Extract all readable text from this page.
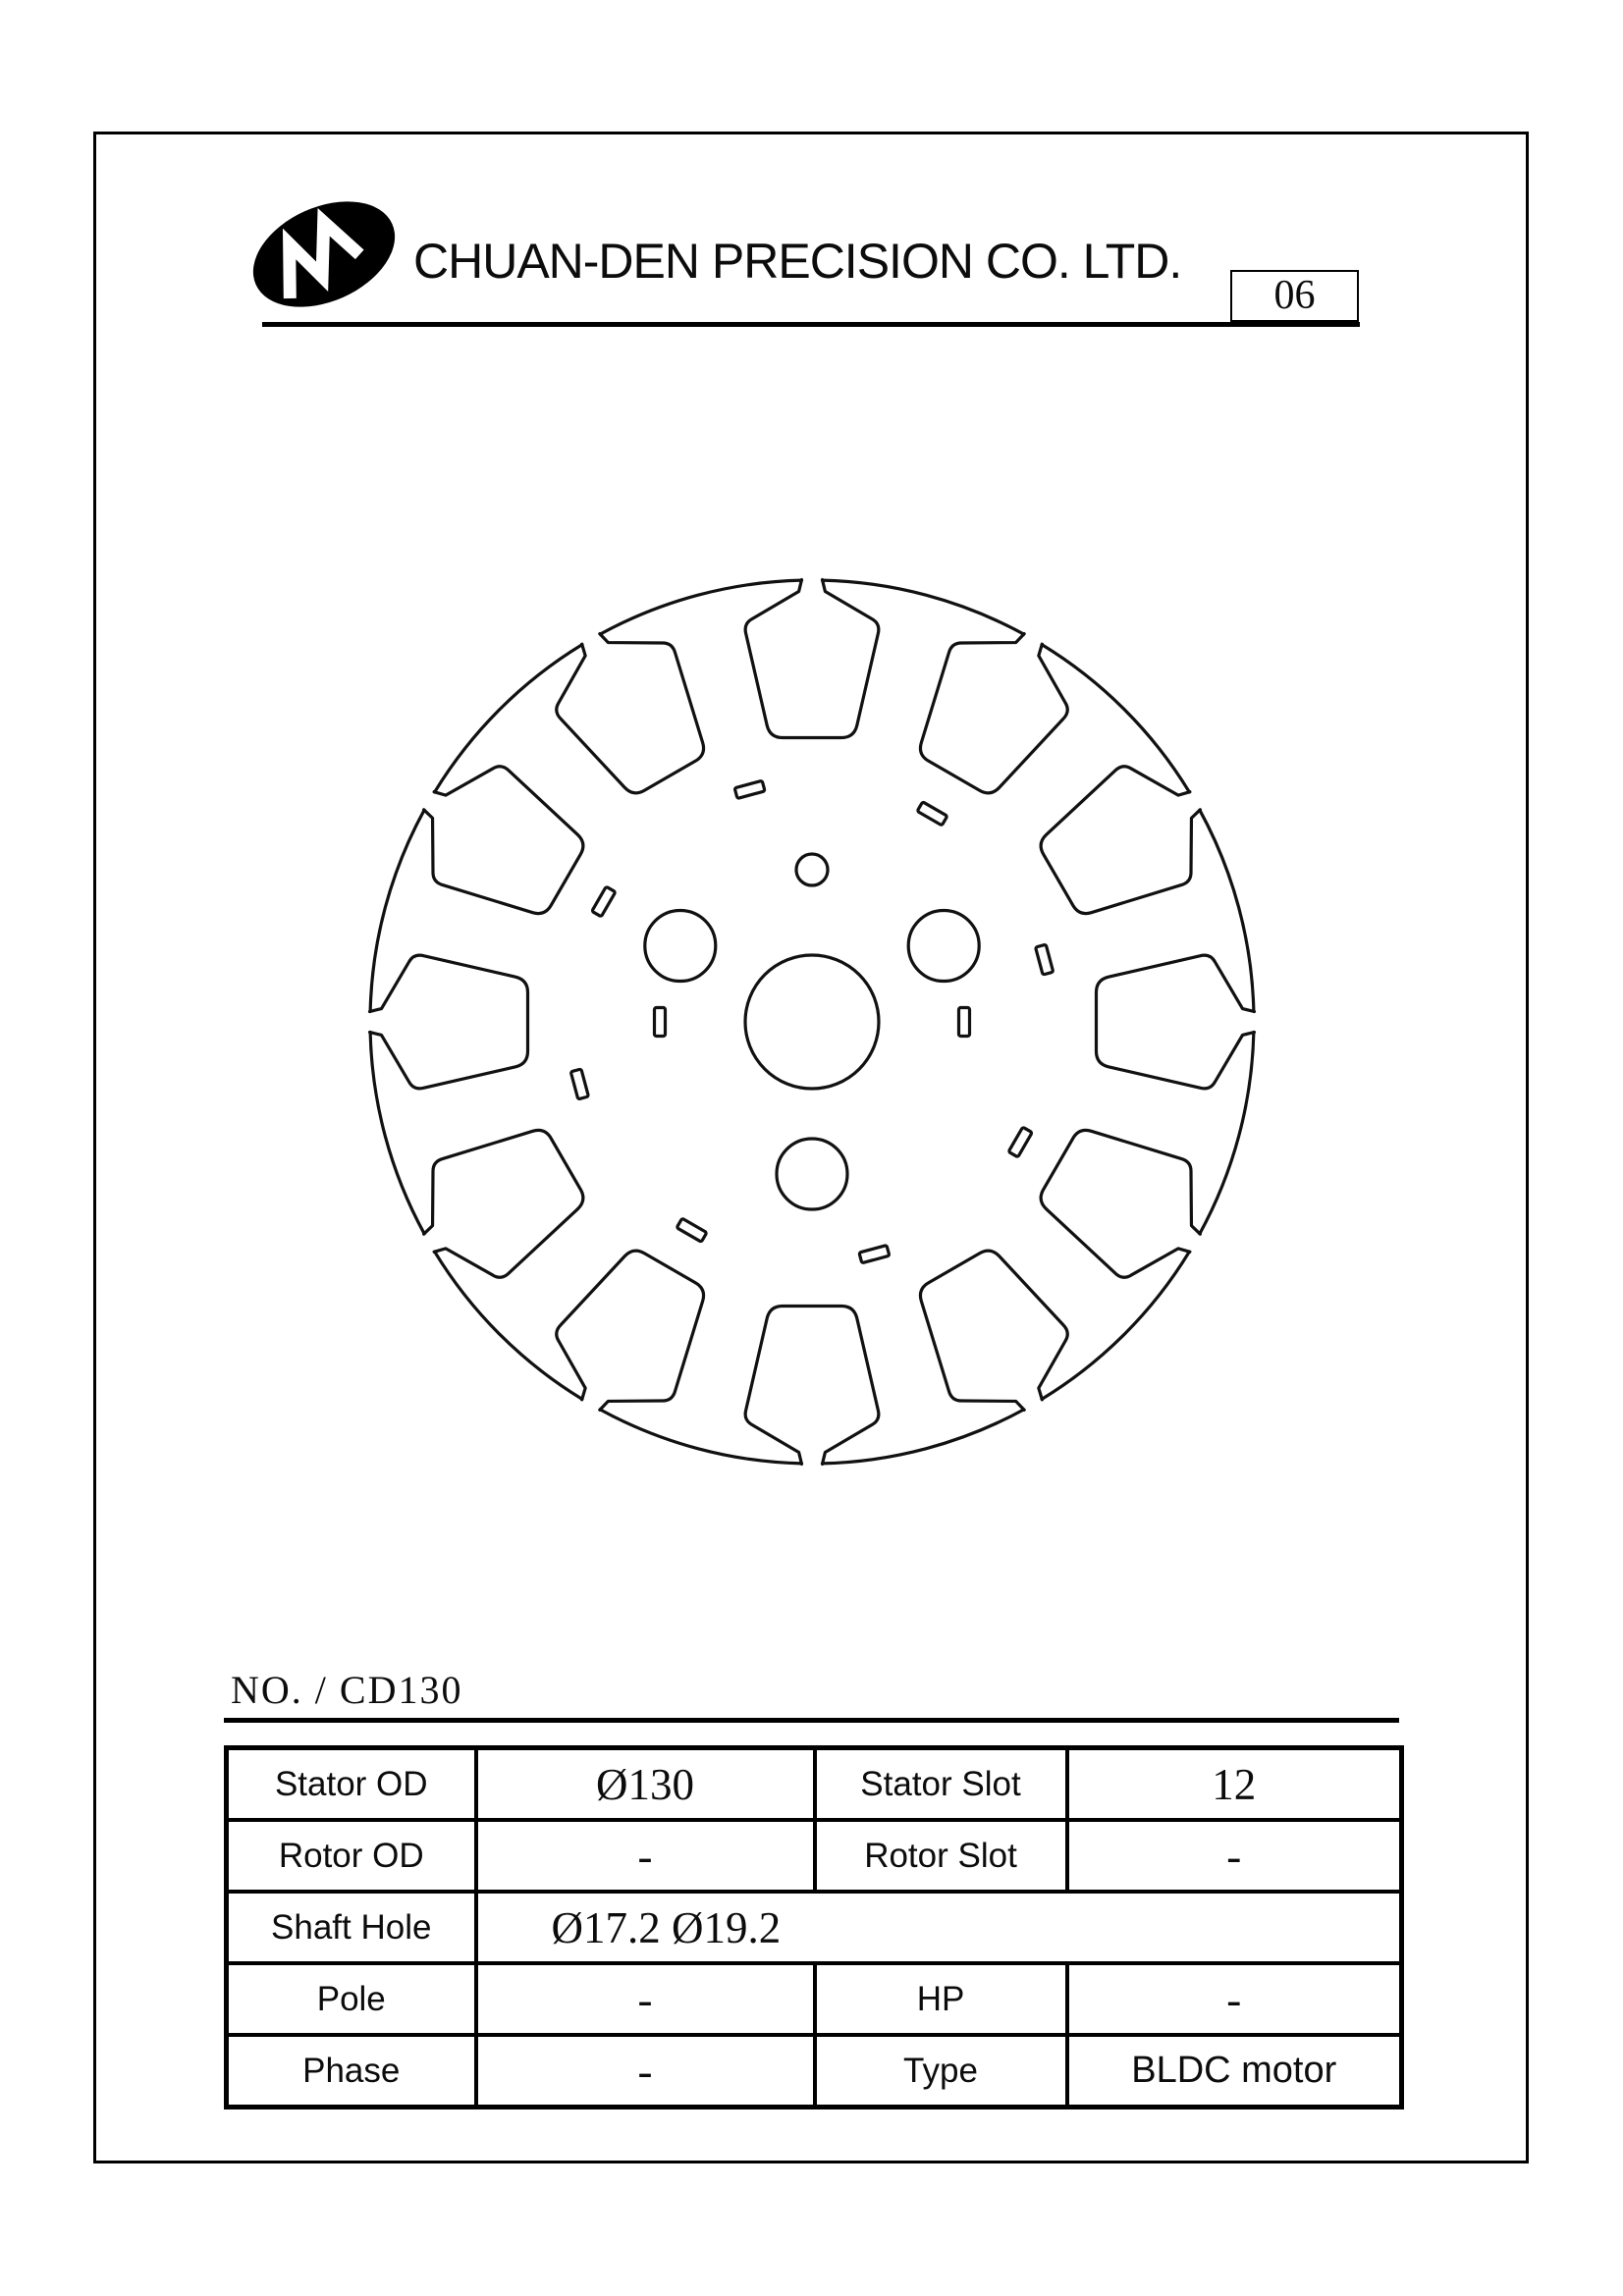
CHUAN-DEN PRECISION CO. LTD.
06
NO. / CD130
Stator OD	Ø130	Stator Slot	12
Rotor OD	-	Rotor Slot	-
Shaft Hole	Ø17.2 Ø19.2		
Pole	-	HP	-
Phase	-	Type	BLDC motor
